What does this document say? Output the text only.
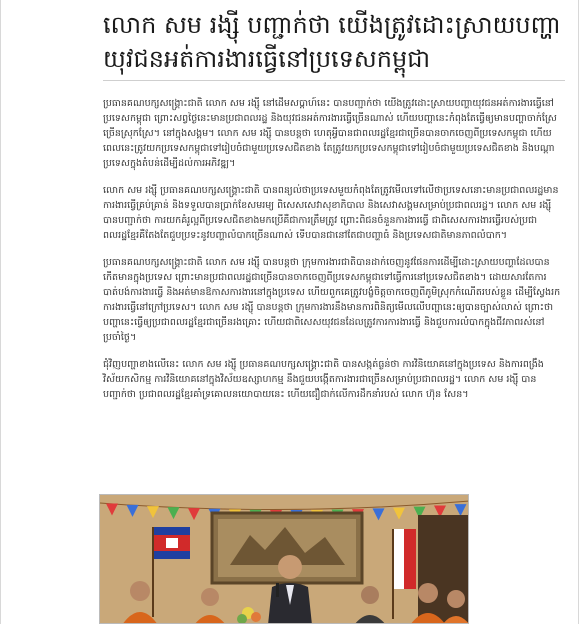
លោក សម រង្ស៊ី បញ្ជាក់ថា យើងត្រូវដោះស្រាយបញ្ហាយុវជនអត់ការងារធ្វើនៅប្រទេសកម្ពុជា

ប្រធានគណបក្សសង្គ្រោះជាតិ លោក សម រង្ស៊ី នៅដើមសប្ដាហ៍នេះ បានបញ្ជាក់ថា យើងត្រូវដោះស្រាយបញ្ហាយុវជនអត់ការងារធ្វើនៅប្រទេសកម្ពុជា ព្រោះសព្វថ្ងៃនេះមានប្រជាពលរដ្ឋ និងយុវជនអត់ការងារធ្វើច្រើនណាស់ ហើយបញ្ហានេះកំពុងតែធ្វើឲ្យមានបញ្ហាចាក់ស្រែច្រើនស្រុកស្រែ។ នៅក្នុងសង្គម។ លោក សម រង្ស៊ី បានបន្តថា ហេតុអ្វីបានជាពលរដ្ឋខ្មែរជាច្រើនបានចាកចេញពីប្រទេសកម្ពុជា ហើយពេលនេះត្រូវយកប្រទេសកម្ពុជាទៅរៀបចំជាមួយប្រទេសជិតខាង តែត្រូវយកប្រទេសកម្ពុជាទៅរៀបចំជាមួយប្រទេសជិតខាង និងបណ្ដាប្រទេសក្នុងតំបន់ដើម្បីដល់ការអភិវឌ្ឍ។

លោក សម រង្ស៊ី ប្រធានគណបក្សសង្គ្រោះជាតិ បានពន្យល់ថាប្រទេសមួយកំពុងតែត្រូវមើលទៅលើថាប្រទេសនោះមានប្រជាពលរដ្ឋមានការងារធ្វើគ្រប់គ្រាន់ និងទទួលបានប្រាក់ខែសមរម្យ ពិសេសសេវាសុខាភិបាល និងសេវាសង្គមសម្រាប់ប្រជាពលរដ្ឋ។ លោក សម រង្ស៊ី បានបញ្ជាក់ថា ការយកគំរូល្អពីប្រទេសជិតខាងមកប្រើគឺជាការត្រឹមត្រូវ ព្រោះពិជនចំនួនការងារធ្វើ ជាពិសេសការងារធ្វើរបស់ប្រជាពលរដ្ឋខ្មែរគឺតែងតែជួបប្រទះនូវបញ្ហាលំបាកច្រើនណាស់ ទើបបានជានៅតែជាបញ្ហាធំ និងប្រទេសជាតិមានភាពលំបាក។

ប្រធានគណបក្សសង្គ្រោះជាតិ លោក សម រង្ស៊ី បានបន្តថា ក្រុមការងារជាតិបានដាក់ចេញនូវផែនការដើម្បីដោះស្រាយបញ្ហាដែលបានកើតមានក្នុងប្រទេស ព្រោះមានប្រជាពលរដ្ឋជាច្រើនបានចាកចេញពីប្រទេសកម្ពុជាទៅធ្វើការនៅប្រទេសជិតខាង។ ដោយសារតែការបាត់បង់ការងារធ្វើ និងអត់មានឱកាសការងារនៅក្នុងប្រទេស ហើយពួកគេត្រូវបង្ខំចិត្តចាកចេញពីភូមិស្រុកកំណើតរបស់ខ្លួន ដើម្បីស្វែងរកការងារធ្វើនៅក្រៅប្រទេស។ លោក សម រង្ស៊ី បានបន្តថា ក្រុមការងារនឹងមានការពិនិត្យមើលលើបញ្ហានេះឲ្យបានច្បាស់លាស់ ព្រោះថាបញ្ហានេះធ្វើឲ្យប្រជាពលរដ្ឋខ្មែរជាច្រើនរងគ្រោះ ហើយជាពិសេសយុវជនដែលត្រូវការការងារធ្វើ និងជួបការលំបាកក្នុងជីវភាពរស់នៅប្រចាំថ្ងៃ។

ជុំវិញបញ្ហាខាងលើនេះ លោក សម រង្ស៊ី ប្រធានគណបក្សសង្គ្រោះជាតិ បានសង្កត់ធ្ងន់ថា ការវិនិយោគនៅក្នុងប្រទេស និងការពង្រឹងវិស័យកសិកម្ម ការវិនិយោគនៅក្នុងវិស័យឧស្សាហកម្ម នឹងជួយបង្កើតការងារជាច្រើនសម្រាប់ប្រជាពលរដ្ឋ។ លោក សម រង្ស៊ី បានបញ្ជាក់ថា ប្រជាពលរដ្ឋខ្មែរគាំទ្រគោលនយោបាយនេះ ហើយជឿជាក់លើការដឹកនាំរបស់ លោក ហ៊ុន សែន។
